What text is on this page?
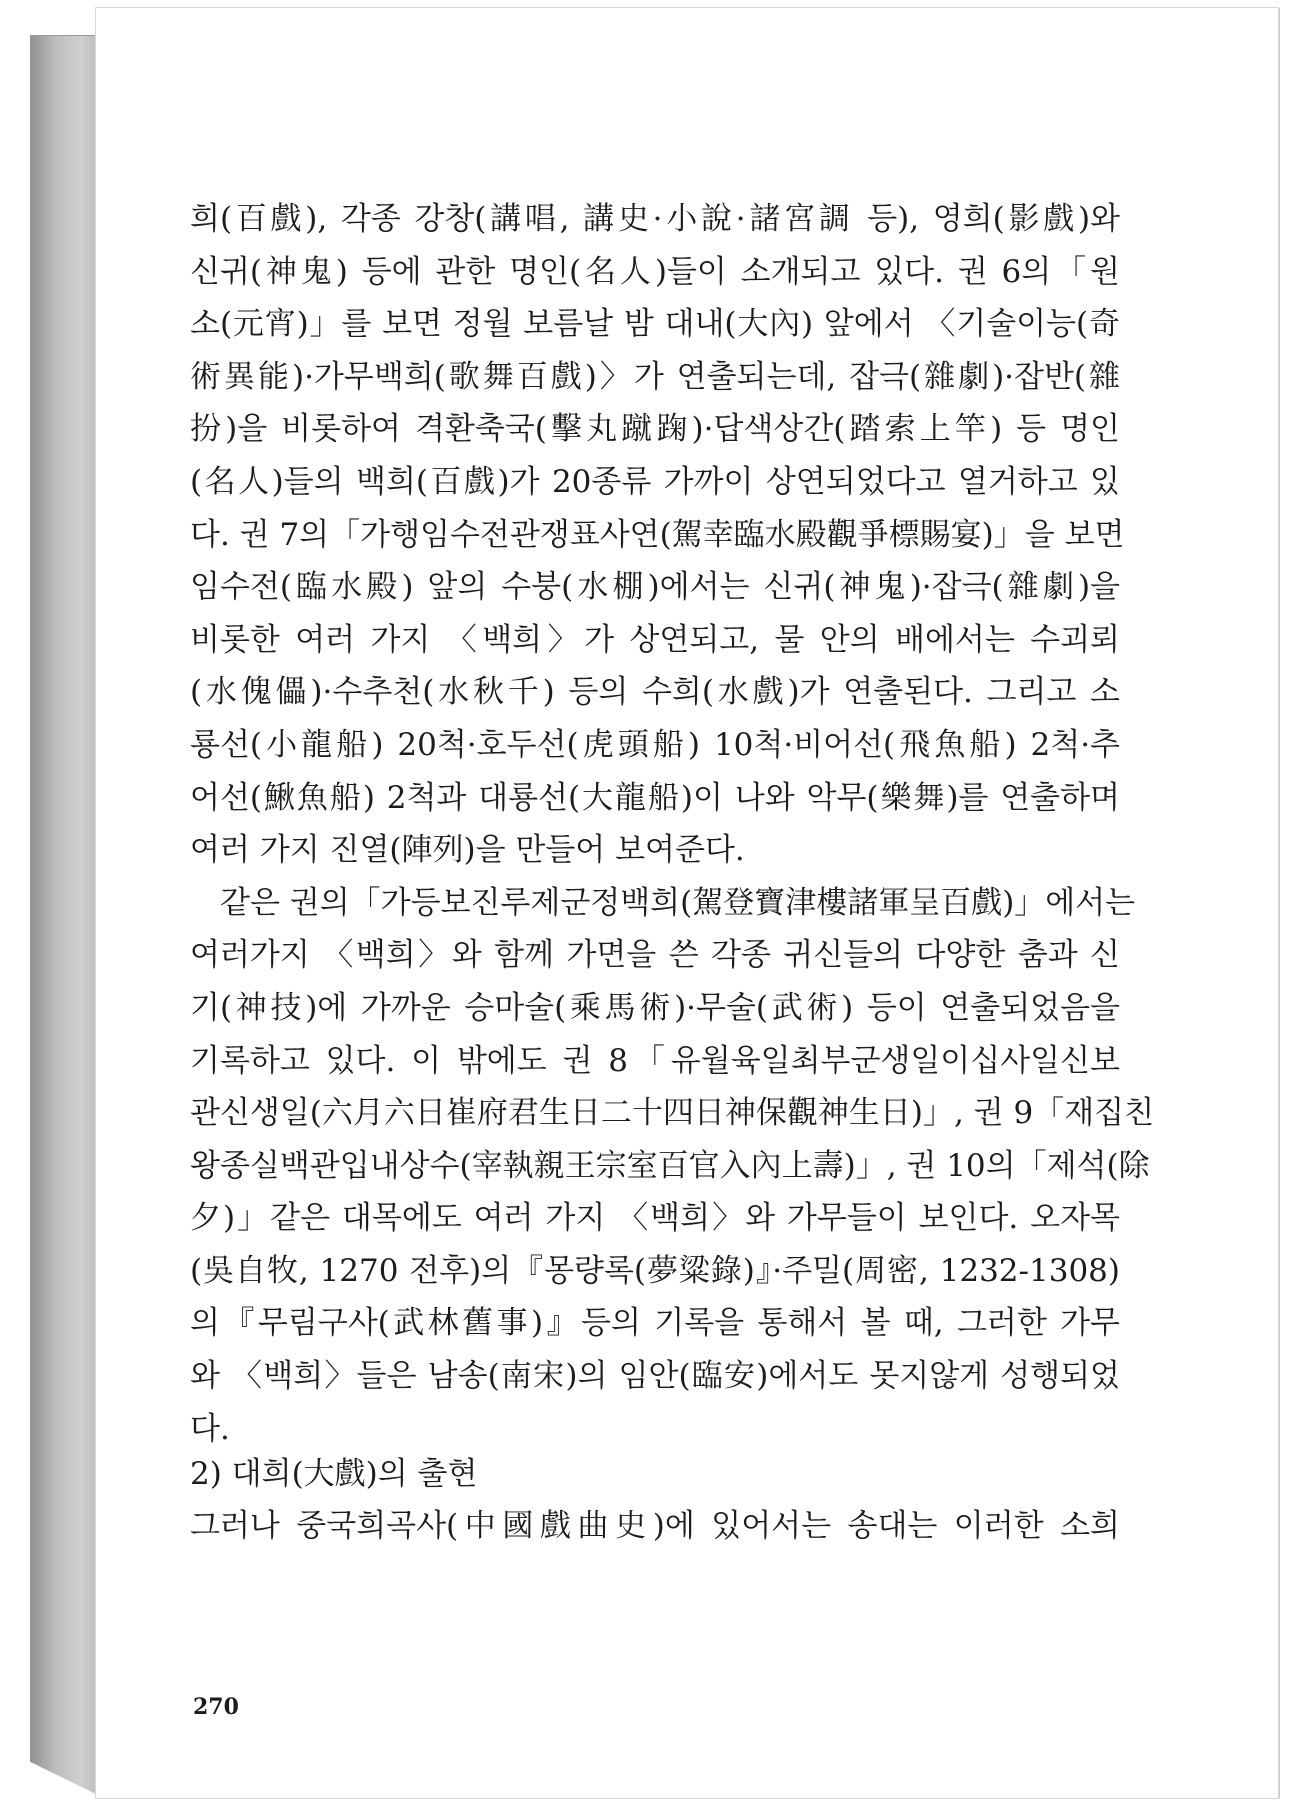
희(百戲), 각종 강창(講唱, 講史·小說·諸宮調 등), 영희(影戲)와
신귀(神鬼) 등에 관한 명인(名人)들이 소개되고 있다. 권 6의「원
소(元宵)」를 보면 정월 보름날 밤 대내(大內) 앞에서 〈기술이능(奇
術異能)·가무백희(歌舞百戲)〉가 연출되는데, 잡극(雜劇)·잡반(雜
扮)을 비롯하여 격환축국(擊丸蹴踘)·답색상간(踏索上竿) 등 명인
(名人)들의 백희(百戲)가 20종류 가까이 상연되었다고 열거하고 있
다. 권 7의「가행임수전관쟁표사연(駕幸臨水殿觀爭標賜宴)」을 보면
임수전(臨水殿) 앞의 수붕(水棚)에서는 신귀(神鬼)·잡극(雜劇)을
비롯한 여러 가지 〈백희〉가 상연되고, 물 안의 배에서는 수괴뢰
(水傀儡)·수추천(水秋千) 등의 수희(水戲)가 연출된다. 그리고 소
룡선(小龍船) 20척·호두선(虎頭船) 10척·비어선(飛魚船) 2척·추
어선(鰍魚船) 2척과 대룡선(大龍船)이 나와 악무(樂舞)를 연출하며
여러 가지 진열(陣列)을 만들어 보여준다.
같은 권의「가등보진루제군정백희(駕登寶津樓諸軍呈百戲)」에서는
여러가지 〈백희〉와 함께 가면을 쓴 각종 귀신들의 다양한 춤과 신
기(神技)에 가까운 승마술(乘馬術)·무술(武術) 등이 연출되었음을
기록하고 있다. 이 밖에도 권 8「유월육일최부군생일이십사일신보
관신생일(六月六日崔府君生日二十四日神保觀神生日)」, 권 9「재집친
왕종실백관입내상수(宰執親王宗室百官入內上壽)」, 권 10의「제석(除
夕)」같은 대목에도 여러 가지 〈백희〉와 가무들이 보인다. 오자목
(吳自牧, 1270 전후)의『몽량록(夢粱錄)』·주밀(周密, 1232-1308)
의『무림구사(武林舊事)』등의 기록을 통해서 볼 때, 그러한 가무
와 〈백희〉들은 남송(南宋)의 임안(臨安)에서도 못지않게 성행되었
다.
2) 대희(大戲)의 출현
그러나 중국희곡사(中國戲曲史)에 있어서는 송대는 이러한 소희
270
